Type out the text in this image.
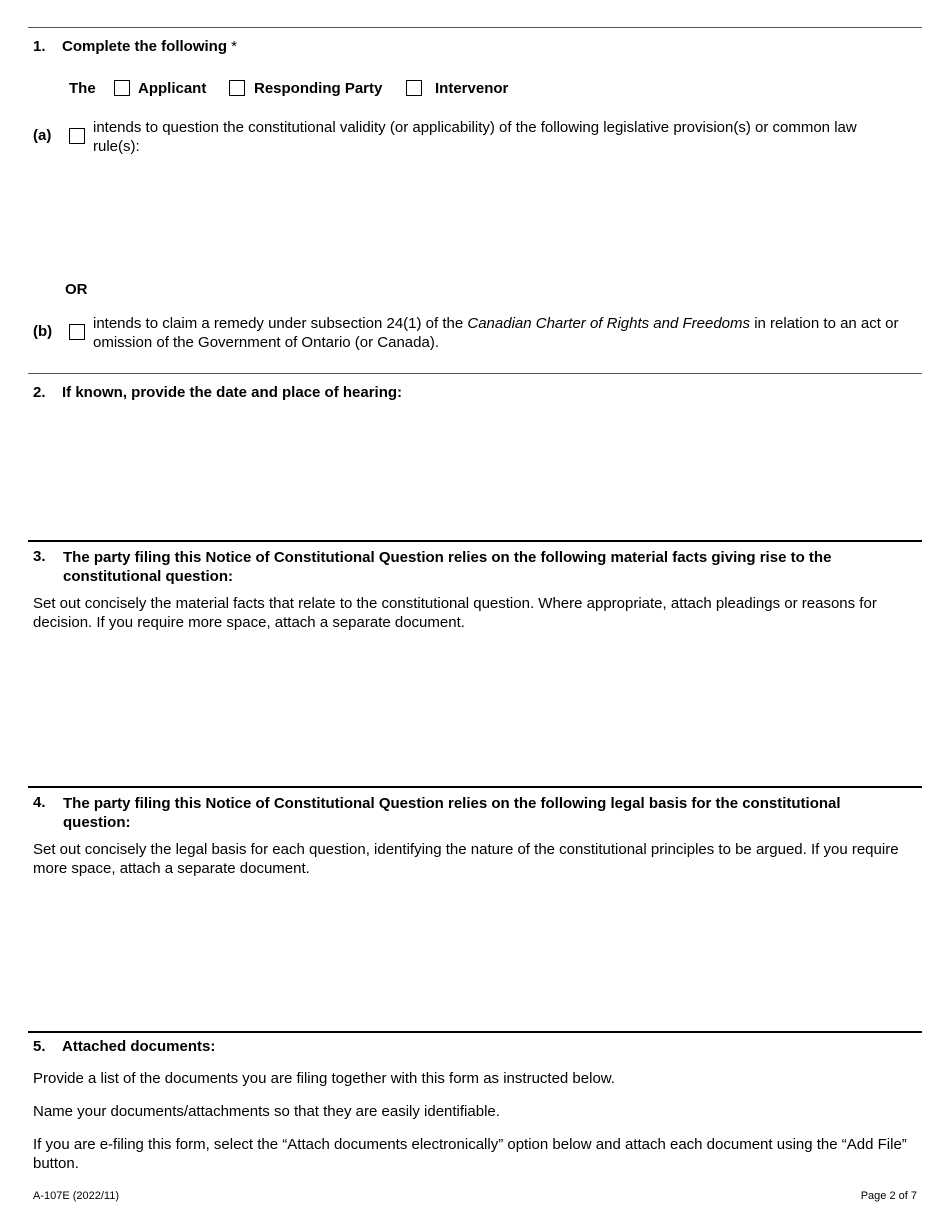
1. Complete the following *
The	Applicant	Responding Party	Intervenor
(a)	intends to question the constitutional validity (or applicability) of the following legislative provision(s) or common law rule(s):
OR
(b)	intends to claim a remedy under subsection 24(1) of the Canadian Charter of Rights and Freedoms in relation to an act or omission of the Government of Ontario (or Canada).
2. If known, provide the date and place of hearing:
3. The party filing this Notice of Constitutional Question relies on the following material facts giving rise to the constitutional question:
Set out concisely the material facts that relate to the constitutional question. Where appropriate, attach pleadings or reasons for decision. If you require more space, attach a separate document.
4. The party filing this Notice of Constitutional Question relies on the following legal basis for the constitutional question:
Set out concisely the legal basis for each question, identifying the nature of the constitutional principles to be argued. If you require more space, attach a separate document.
5. Attached documents:
Provide a list of the documents you are filing together with this form as instructed below.
Name your documents/attachments so that they are easily identifiable.
If you are e-filing this form, select the “Attach documents electronically” option below and attach each document using the “Add File” button.
A-107E (2022/11)	Page 2 of 7
